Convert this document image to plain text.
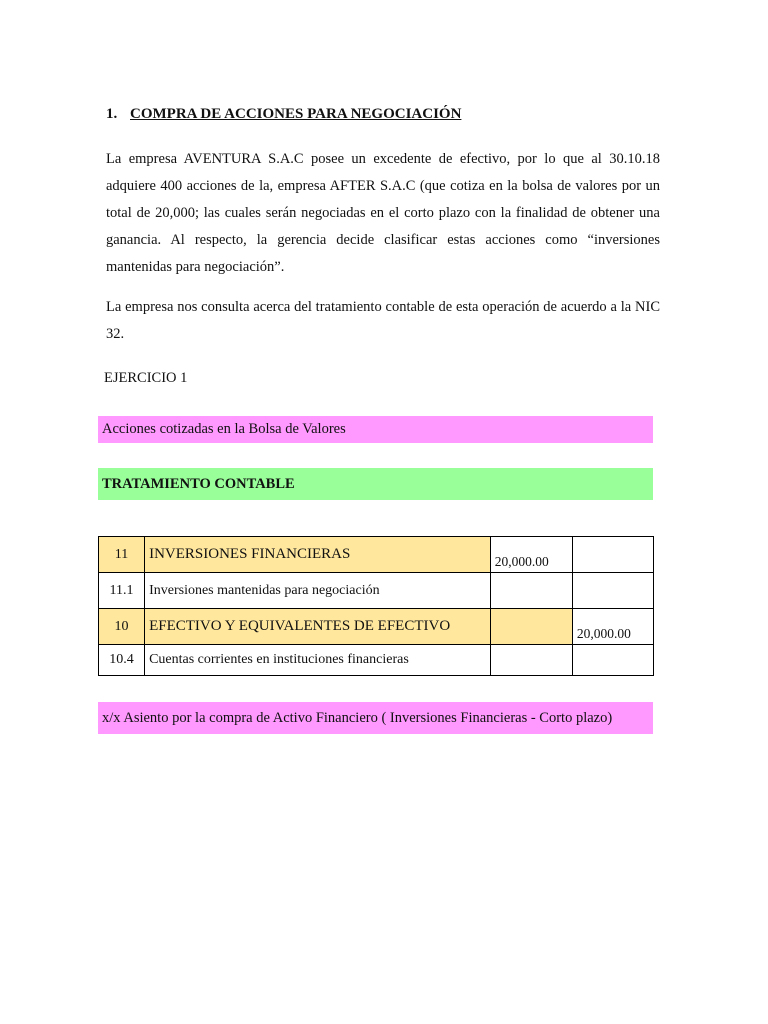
1. COMPRA DE ACCIONES PARA NEGOCIACIÓN

La empresa AVENTURA S.A.C posee un excedente de efectivo, por lo que al 30.10.18 adquiere 400 acciones de la, empresa AFTER S.A.C (que cotiza en la bolsa de valores por un total de 20,000; las cuales serán negociadas en el corto plazo con la finalidad de obtener una ganancia. Al respecto, la gerencia decide clasificar estas acciones como “inversiones mantenidas para negociación”.

La empresa nos consulta acerca del tratamiento contable de esta operación de acuerdo a la NIC 32.

EJERCICIO 1
Acciones cotizadas en la Bolsa de Valores
TRATAMIENTO CONTABLE
11	INVERSIONES FINANCIERAS	20,000.00	
11.1	Inversiones mantenidas para negociación		
10	EFECTIVO Y EQUIVALENTES DE EFECTIVO		20,000.00
10.4	Cuentas corrientes en instituciones financieras		
x/x Asiento por la compra de Activo Financiero ( Inversiones Financieras - Corto plazo)
